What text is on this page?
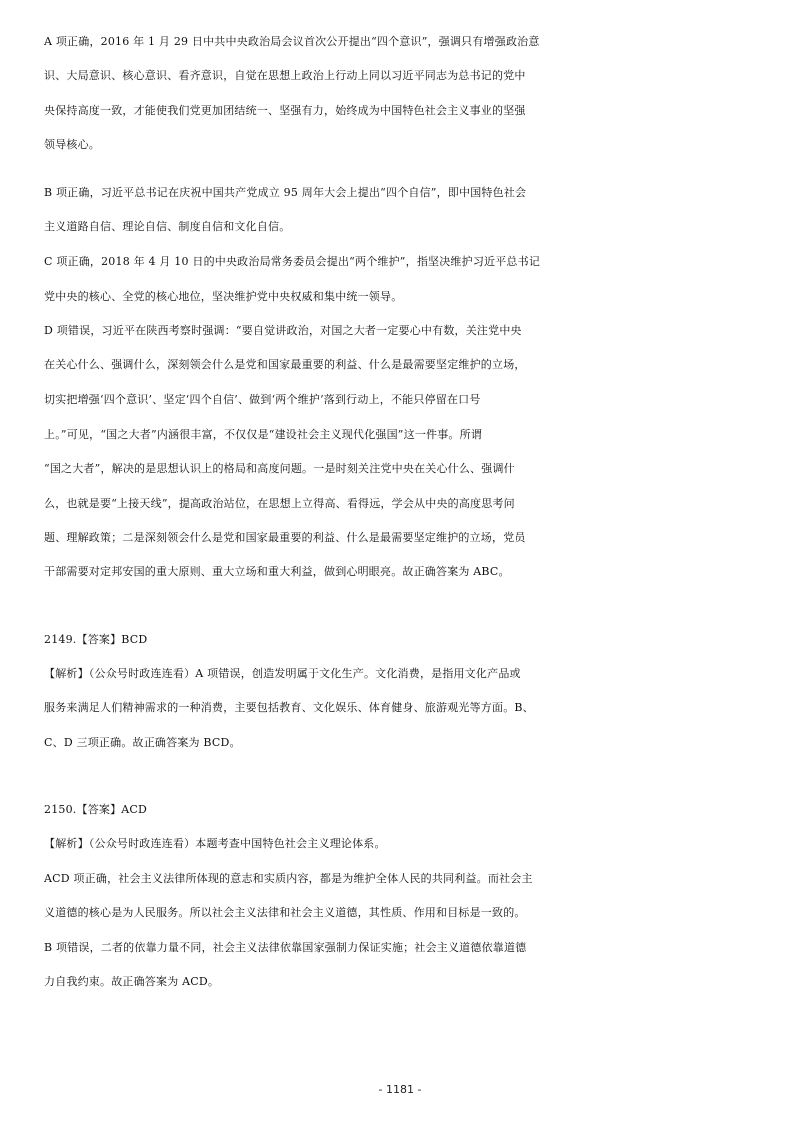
A 项正确，2016 年 1 月 29 日中共中央政治局会议首次公开提出“四个意识”，强调只有增强政治意
识、大局意识、核心意识、看齐意识，自觉在思想上政治上行动上同以习近平同志为总书记的党中
央保持高度一致，才能使我们党更加团结统一、坚强有力，始终成为中国特色社会主义事业的坚强
领导核心。
B 项正确，习近平总书记在庆祝中国共产党成立 95 周年大会上提出“四个自信”，即中国特色社会
主义道路自信、理论自信、制度自信和文化自信。
C 项正确，2018 年 4 月 10 日的中央政治局常务委员会提出“两个维护”，指坚决维护习近平总书记
党中央的核心、全党的核心地位，坚决维护党中央权威和集中统一领导。
D 项错误，习近平在陕西考察时强调：“要自觉讲政治，对国之大者一定要心中有数，关注党中央
在关心什么、强调什么，深刻领会什么是党和国家最重要的利益、什么是最需要坚定维护的立场，
切实把增强‘四个意识’、坚定‘四个自信’、做到‘两个维护’落到行动上，不能只停留在口号
上。”可见，“国之大者”内涵很丰富，不仅仅是“建设社会主义现代化强国”这一件事。所谓
“国之大者”，解决的是思想认识上的格局和高度问题。一是时刻关注党中央在关心什么、强调什
么，也就是要“上接天线”，提高政治站位，在思想上立得高、看得远，学会从中央的高度思考问
题、理解政策；二是深刻领会什么是党和国家最重要的利益、什么是最需要坚定维护的立场，党员
干部需要对定邦安国的重大原则、重大立场和重大利益，做到心明眼亮。故正确答案为 ABC。
2149.【答案】BCD
【解析】（公众号时政连连看）A 项错误，创造发明属于文化生产。文化消费，是指用文化产品或
服务来满足人们精神需求的一种消费，主要包括教育、文化娱乐、体育健身、旅游观光等方面。B、
C、D 三项正确。故正确答案为 BCD。
2150.【答案】ACD
【解析】（公众号时政连连看）本题考查中国特色社会主义理论体系。
ACD 项正确，社会主义法律所体现的意志和实质内容，都是为维护全体人民的共同利益。而社会主
义道德的核心是为人民服务。所以社会主义法律和社会主义道德，其性质、作用和目标是一致的。
B 项错误，二者的依靠力量不同，社会主义法律依靠国家强制力保证实施；社会主义道德依靠道德
力自我约束。故正确答案为 ACD。
- 1181 -
